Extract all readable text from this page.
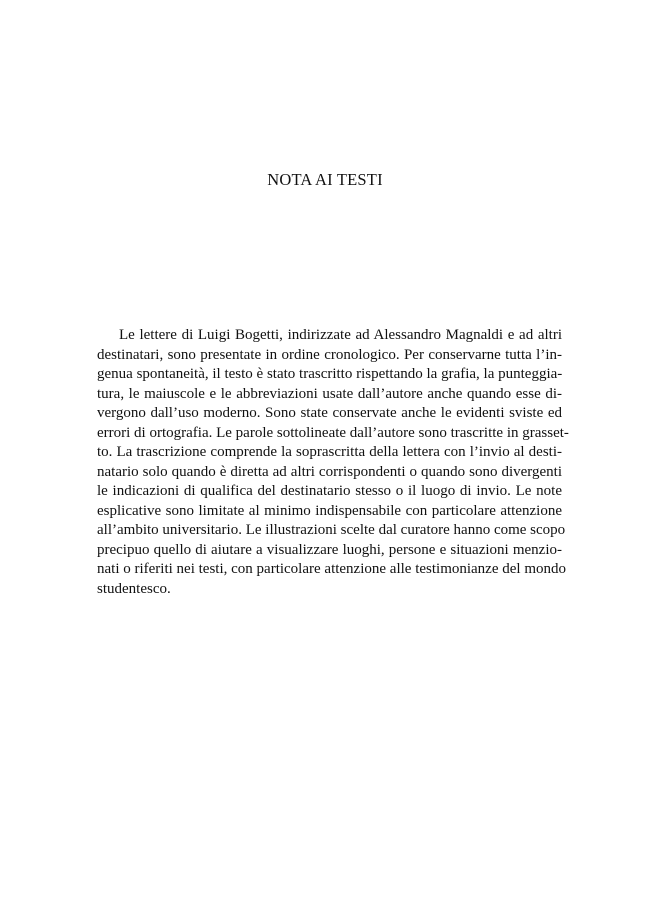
NOTA AI TESTI
Le lettere di Luigi Bogetti, indirizzate ad Alessandro Magnaldi e ad altri
destinatari, sono presentate in ordine cronologico. Per conservarne tutta l’in-
genua spontaneità, il testo è stato trascritto rispettando la grafia, la punteggia-
tura, le maiuscole e le abbreviazioni usate dall’autore anche quando esse di-
vergono dall’uso moderno. Sono state conservate anche le evidenti sviste ed
errori di ortografia. Le parole sottolineate dall’autore sono trascritte in grasset-
to. La trascrizione comprende la soprascritta della lettera con l’invio al desti-
natario solo quando è diretta ad altri corrispondenti o quando sono divergenti
le indicazioni di qualifica del destinatario stesso o il luogo di invio. Le note
esplicative sono limitate al minimo indispensabile con particolare attenzione
all’ambito universitario. Le illustrazioni scelte dal curatore hanno come scopo
precipuo quello di aiutare a visualizzare luoghi, persone e situazioni menzio-
nati o riferiti nei testi, con particolare attenzione alle testimonianze del mondo
studentesco.
